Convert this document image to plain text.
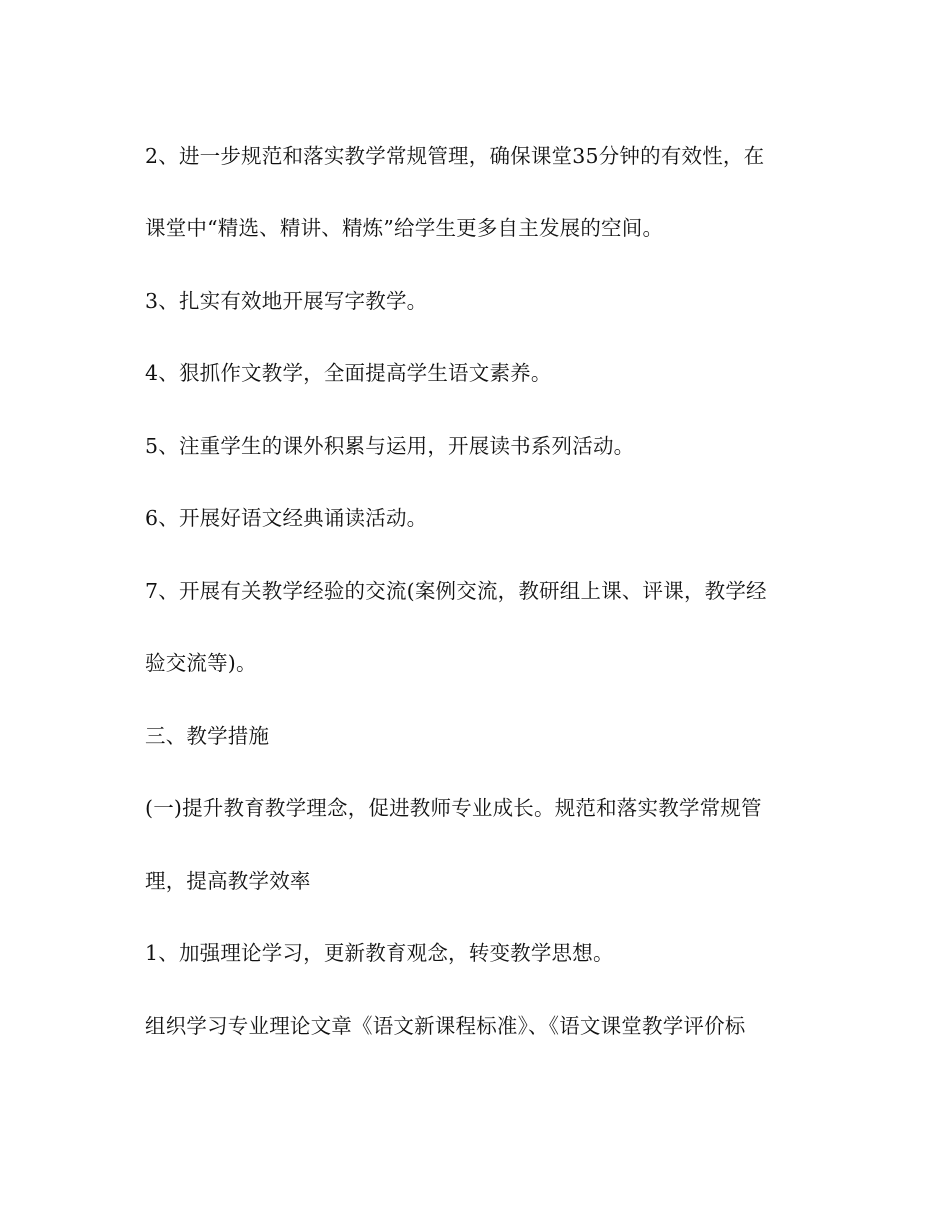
2、进一步规范和落实教学常规管理，确保课堂35分钟的有效性，在
课堂中“精选、精讲、精炼”给学生更多自主发展的空间。
3、扎实有效地开展写字教学。
4、狠抓作文教学，全面提高学生语文素养。
5、注重学生的课外积累与运用，开展读书系列活动。
6、开展好语文经典诵读活动。
7、开展有关教学经验的交流(案例交流，教研组上课、评课，教学经
验交流等)。
三、教学措施
(一)提升教育教学理念，促进教师专业成长。规范和落实教学常规管
理，提高教学效率
1、加强理论学习，更新教育观念，转变教学思想。
组织学习专业理论文章《语文新课程标准》、《语文课堂教学评价标
